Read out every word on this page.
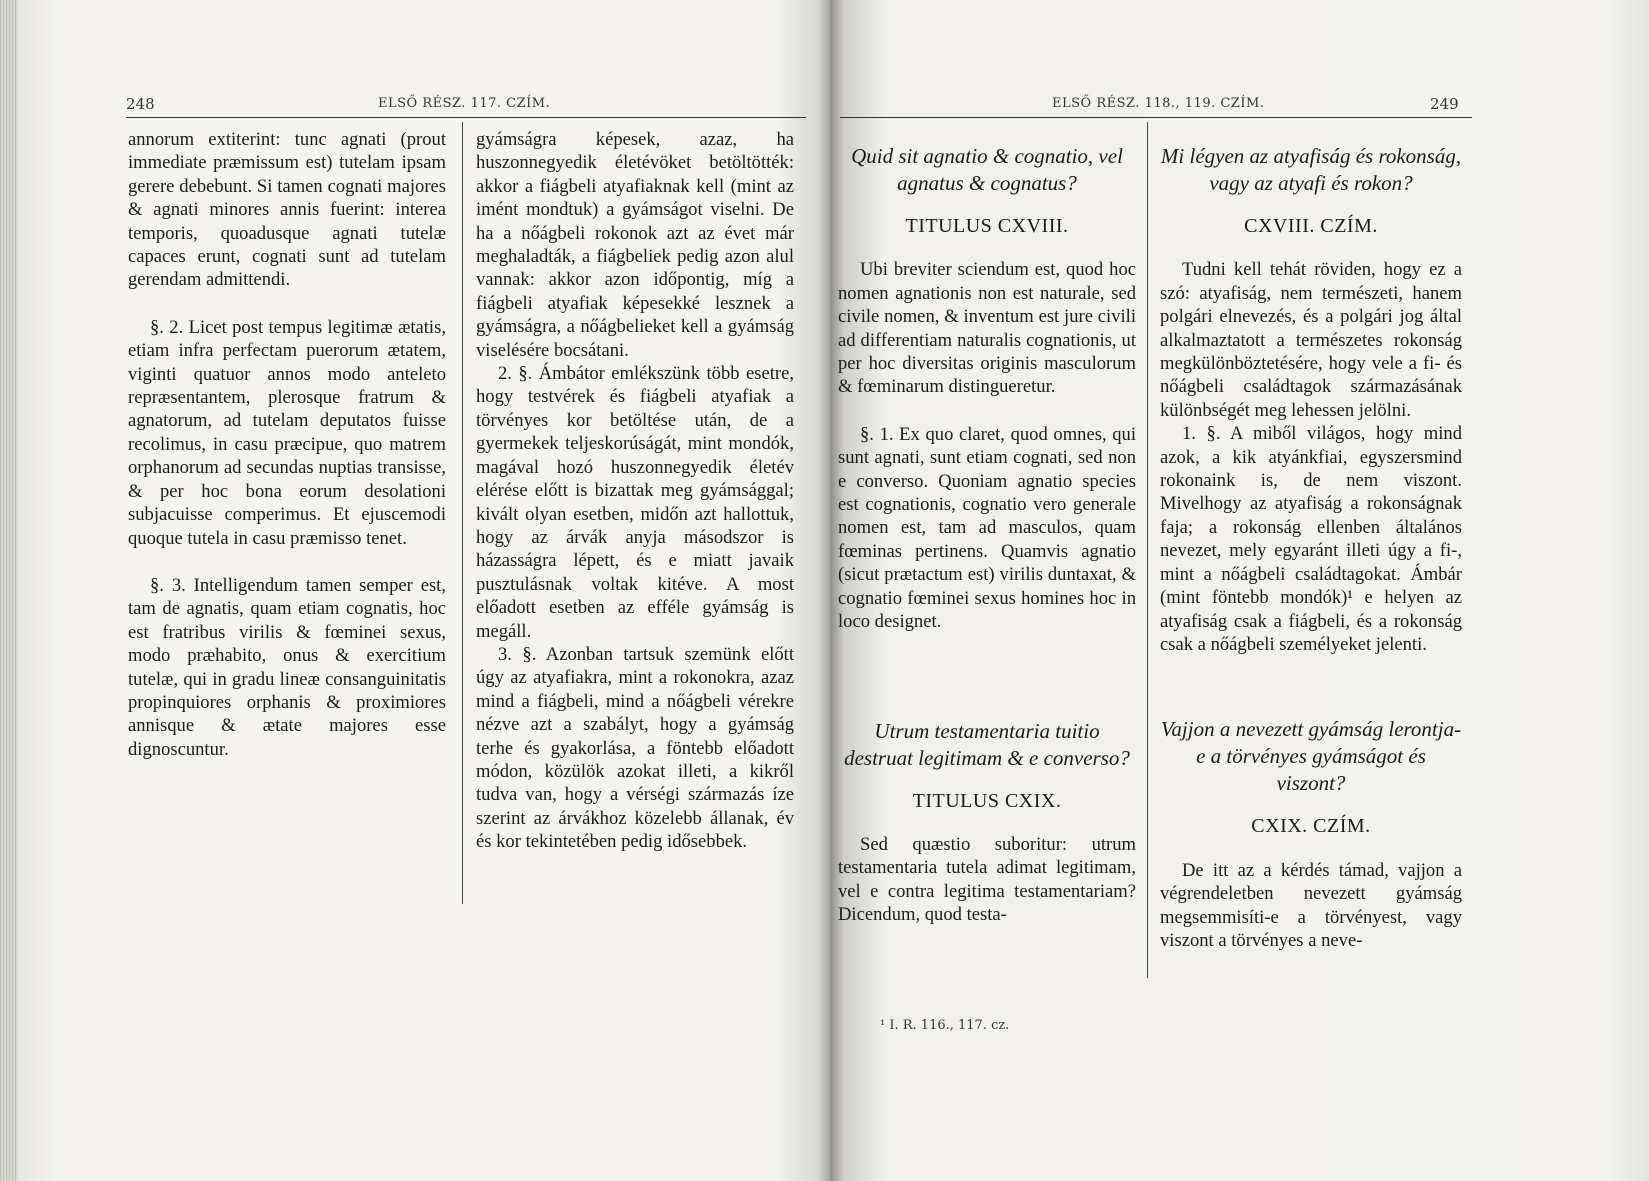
248	ELSŐ RÉSZ. 117. CZÍM.

annorum extiterint: tunc agnati (prout immediate præmissum est) tutelam ipsam gerere debebunt. Si tamen cognati majores & agnati minores annis fuerint: interea temporis, quoadusque agnati tutelæ capaces erunt, cognati sunt ad tutelam gerendam admittendi.

§. 2. Licet post tempus legitimæ ætatis, etiam infra perfectam puerorum ætatem, viginti quatuor annos modo anteleto repræsentantem, plerosque fratrum & agnatorum, ad tutelam deputatos fuisse recolimus, in casu præcipue, quo matrem orphanorum ad secundas nuptias transisse, & per hoc bona eorum desolationi subjacuisse comperimus. Et ejuscemodi quoque tutela in casu præmisso tenet.

§. 3. Intelligendum tamen semper est, tam de agnatis, quam etiam cognatis, hoc est fratribus virilis & fœminei sexus, modo præhabito, onus & exercitium tutelæ, qui in gradu lineæ consanguinitatis propinquiores orphanis & proximiores annisque & ætate majores esse dignoscuntur.

gyámságra képesek, azaz, ha huszonnegyedik életévöket betöltötték: akkor a fiágbeli atyafiaknak kell (mint az imént mondtuk) a gyámságot viselni. De ha a nőágbeli rokonok azt az évet már meghaladták, a fiágbeliek pedig azon alul vannak: akkor azon időpontig, míg a fiágbeli atyafiak képesekké lesznek a gyámságra, a nőágbelieket kell a gyámság viselésére bocsátani.

2. §. Ámbátor emlékszünk több esetre, hogy testvérek és fiágbeli atyafiak a törvényes kor betöltése után, de a gyermekek teljeskorúságát, mint mondók, magával hozó huszonnegyedik életév elérése előtt is bizattak meg gyámsággal; kivált olyan esetben, midőn azt hallottuk, hogy az árvák anyja másodszor is házasságra lépett, és e miatt javaik pusztulásnak voltak kitéve. A most előadott esetben az efféle gyámság is megáll.

3. §. Azonban tartsuk szemünk előtt úgy az atyafiakra, mint a rokonokra, azaz mind a fiágbeli, mind a nőágbeli vérekre nézve azt a szabályt, hogy a gyámság terhe és gyakorlása, a föntebb előadott módon, közülök azokat illeti, a kikről tudva van, hogy a vérségi származás íze szerint az árvákhoz közelebb állanak, év és kor tekintetében pedig idősebbek.

ELSŐ RÉSZ. 118., 119. CZÍM.	249

Quid sit agnatio & cognatio, vel agnatus & cognatus?

TITULUS CXVIII.

Ubi breviter sciendum est, quod hoc nomen agnationis non est naturale, sed civile nomen, & inventum est jure civili ad differentiam naturalis cognationis, ut per hoc diversitas originis masculorum & fœminarum distingueretur.

§. 1. Ex quo claret, quod omnes, qui sunt agnati, sunt etiam cognati, sed non e converso. Quoniam agnatio species est cognationis, cognatio vero generale nomen est, tam ad masculos, quam fœminas pertinens. Quamvis agnatio (sicut prætactum est) virilis duntaxat, & cognatio fœminei sexus homines hoc in loco designet.

Utrum testamentaria tuitio destruat legitimam & e converso?

TITULUS CXIX.

Sed quæstio suboritur: utrum testamentaria tutela adimat legitimam, vel e contra legitima testamentariam? Dicendum, quod testa-

Mi légyen az atyafiság és rokonság, vagy az atyafi és rokon?

CXVIII. CZÍM.

Tudni kell tehát röviden, hogy ez a szó: atyafiság, nem természeti, hanem polgári elnevezés, és a polgári jog által alkalmaztatott a természetes rokonság megkülönböztetésére, hogy vele a fi- és nőágbeli családtagok származásának különbségét meg lehessen jelölni.

1. §. A miből világos, hogy mind azok, a kik atyánkfiai, egyszersmind rokonaink is, de nem viszont. Mivelhogy az atyafiság a rokonságnak faja; a rokonság ellenben általános nevezet, mely egyaránt illeti úgy a fi-, mint a nőágbeli családtagokat. Ámbár (mint föntebb mondók)¹ e helyen az atyafiság csak a fiágbeli, és a rokonság csak a nőágbeli személyeket jelenti.

Vajjon a nevezett gyámság lerontja-e a törvényes gyámságot és viszont?

CXIX. CZÍM.

De itt az a kérdés támad, vajjon a végrendeletben nevezett gyámság megsemmisíti-e a törvényest, vagy viszont a törvényes a neve-

¹ I. R. 116., 117. cz.
